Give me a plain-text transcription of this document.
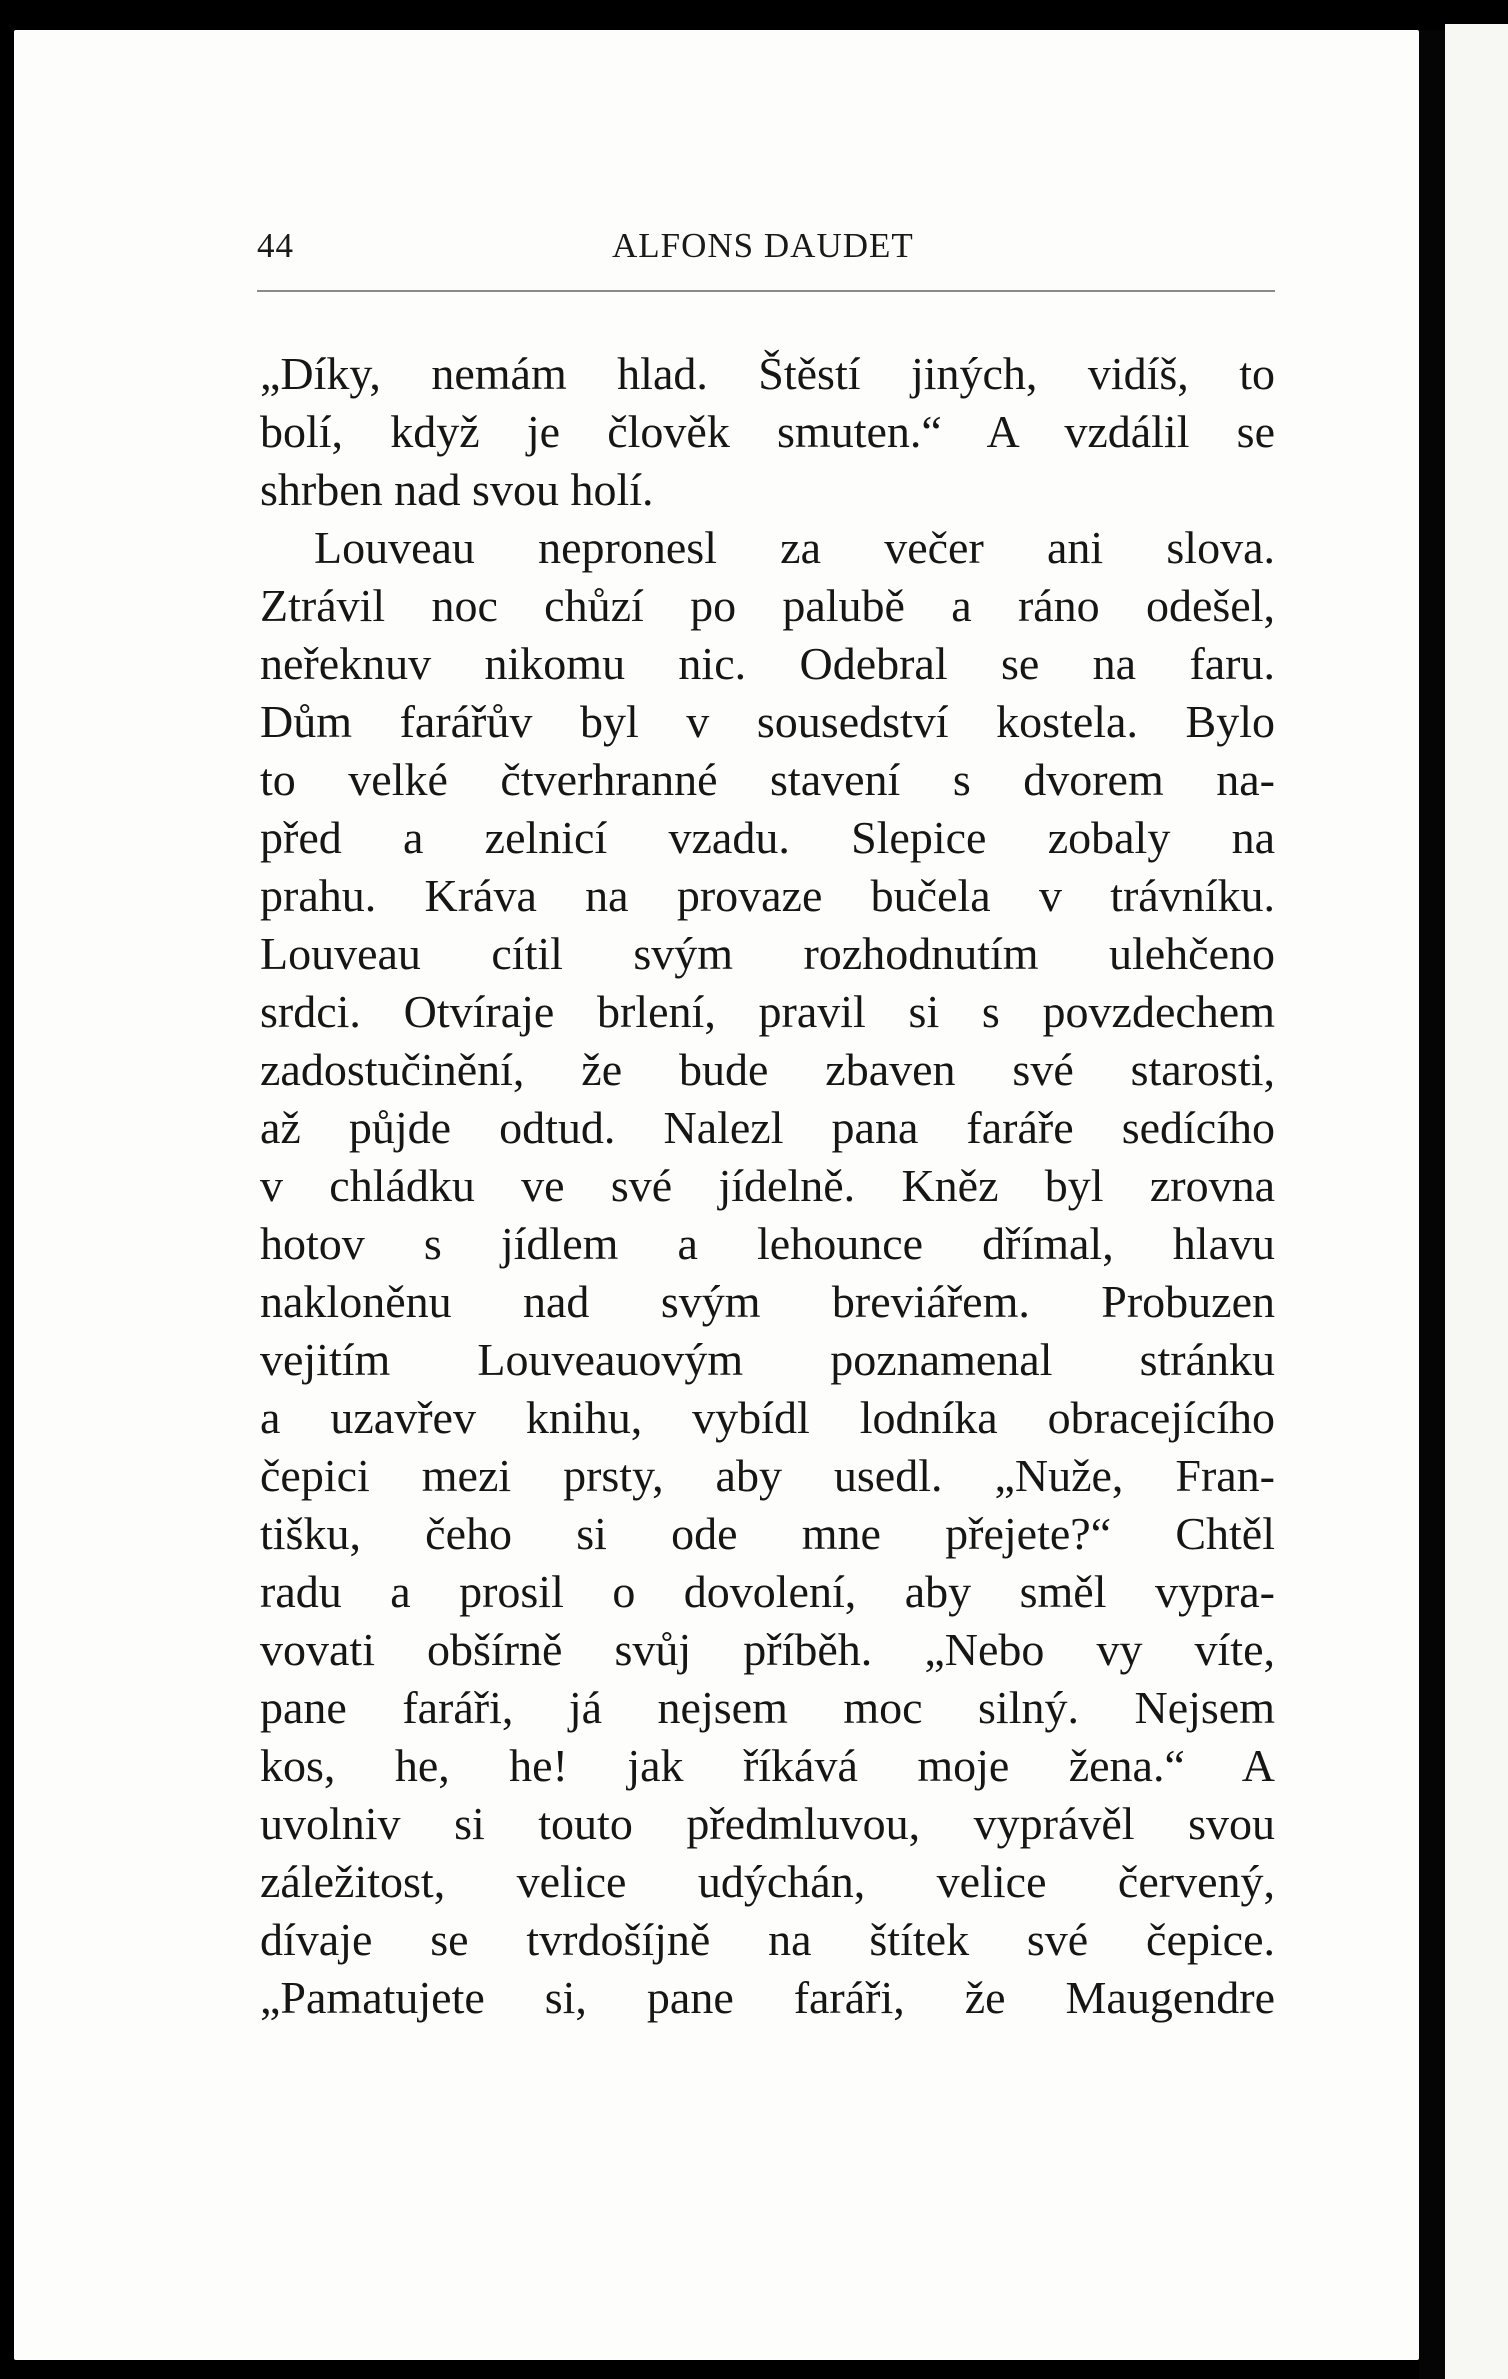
44	ALFONS DAUDET
„Díky, nemám hlad. Štěstí jiných, vidíš, to
bolí, když je člověk smuten.“ A vzdálil se
shrben nad svou holí.
Louveau nepronesl za večer ani slova.
Ztrávil noc chůzí po palubě a ráno odešel,
neřeknuv nikomu nic. Odebral se na faru.
Dům farářův byl v sousedství kostela. Bylo
to velké čtverhranné stavení s dvorem na-
před a zelnicí vzadu. Slepice zobaly na
prahu. Kráva na provaze bučela v trávníku.
Louveau cítil svým rozhodnutím ulehčeno
srdci. Otvíraje brlení, pravil si s povzdechem
zadostučinění, že bude zbaven své starosti,
až půjde odtud. Nalezl pana faráře sedícího
v chládku ve své jídelně. Kněz byl zrovna
hotov s jídlem a lehounce dřímal, hlavu
nakloněnu nad svým breviářem. Probuzen
vejitím Louveauovým poznamenal stránku
a uzavřev knihu, vybídl lodníka obracejícího
čepici mezi prsty, aby usedl. „Nuže, Fran-
tišku, čeho si ode mne přejete?“ Chtěl
radu a prosil o dovolení, aby směl vypra-
vovati obšírně svůj příběh. „Nebo vy víte,
pane faráři, já nejsem moc silný. Nejsem
kos, he, he! jak říkává moje žena.“ A
uvolniv si touto předmluvou, vyprávěl svou
záležitost, velice udýchán, velice červený,
dívaje se tvrdošíjně na štítek své čepice.
„Pamatujete si, pane faráři, že Maugendre
